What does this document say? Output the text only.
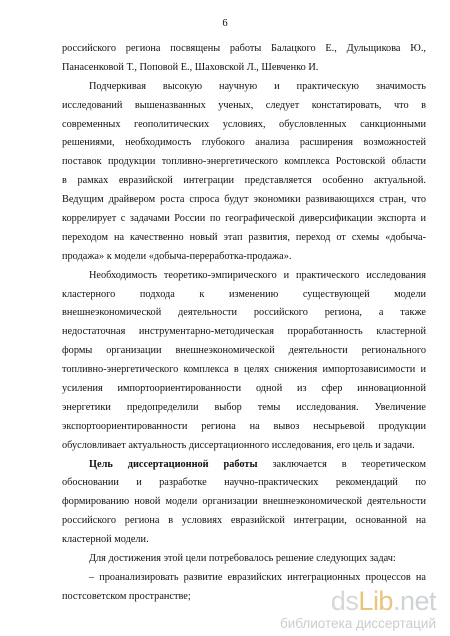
6
российского региона посвящены работы Балацкого Е., Дульщикова Ю.,
Панасенковой Т., Поповой Е., Шаховской Л., Шевченко И.
Подчеркивая высокую научную и практическую значимость
исследований вышеназванных ученых, следует констатировать, что в
современных геополитических условиях, обусловленных санкционными
решениями, необходимость глубокого анализа расширения возможностей
поставок продукции топливно-энергетического комплекса Ростовской области
в рамках евразийской интеграции представляется особенно актуальной.
Ведущим драйвером роста спроса будут экономики развивающихся стран, что
коррелирует с задачами России по географической диверсификации экспорта и
переходом на качественно новый этап развития, переход от схемы «добыча-
продажа» к модели «добыча-переработка-продажа».
Необходимость теоретико-эмпирического и практического исследования
кластерного подхода к изменению существующей модели
внешнеэкономической деятельности российского региона, а также
недостаточная инструментарно-методическая проработанность кластерной
формы организации внешнеэкономической деятельности регионального
топливно-энергетического комплекса в целях снижения импортозависимости и
усиления импортоориентированности одной из сфер инновационной
энергетики предопределили выбор темы исследования. Увеличение
экспортоориентированности региона на вывоз несырьевой продукции
обусловливает актуальность диссертационного исследования, его цель и задачи.
Цель диссертационной работы заключается в теоретическом
обосновании и разработке научно-практических рекомендаций по
формированию новой модели организации внешнеэкономической деятельности
российского региона в условиях евразийской интеграции, основанной на
кластерной модели.
Для достижения этой цели потребовалось решение следующих задач:
– проанализировать развитие евразийских интеграционных процессов на
постсоветском пространстве;	dsLib.net
библиотека диссертаций
